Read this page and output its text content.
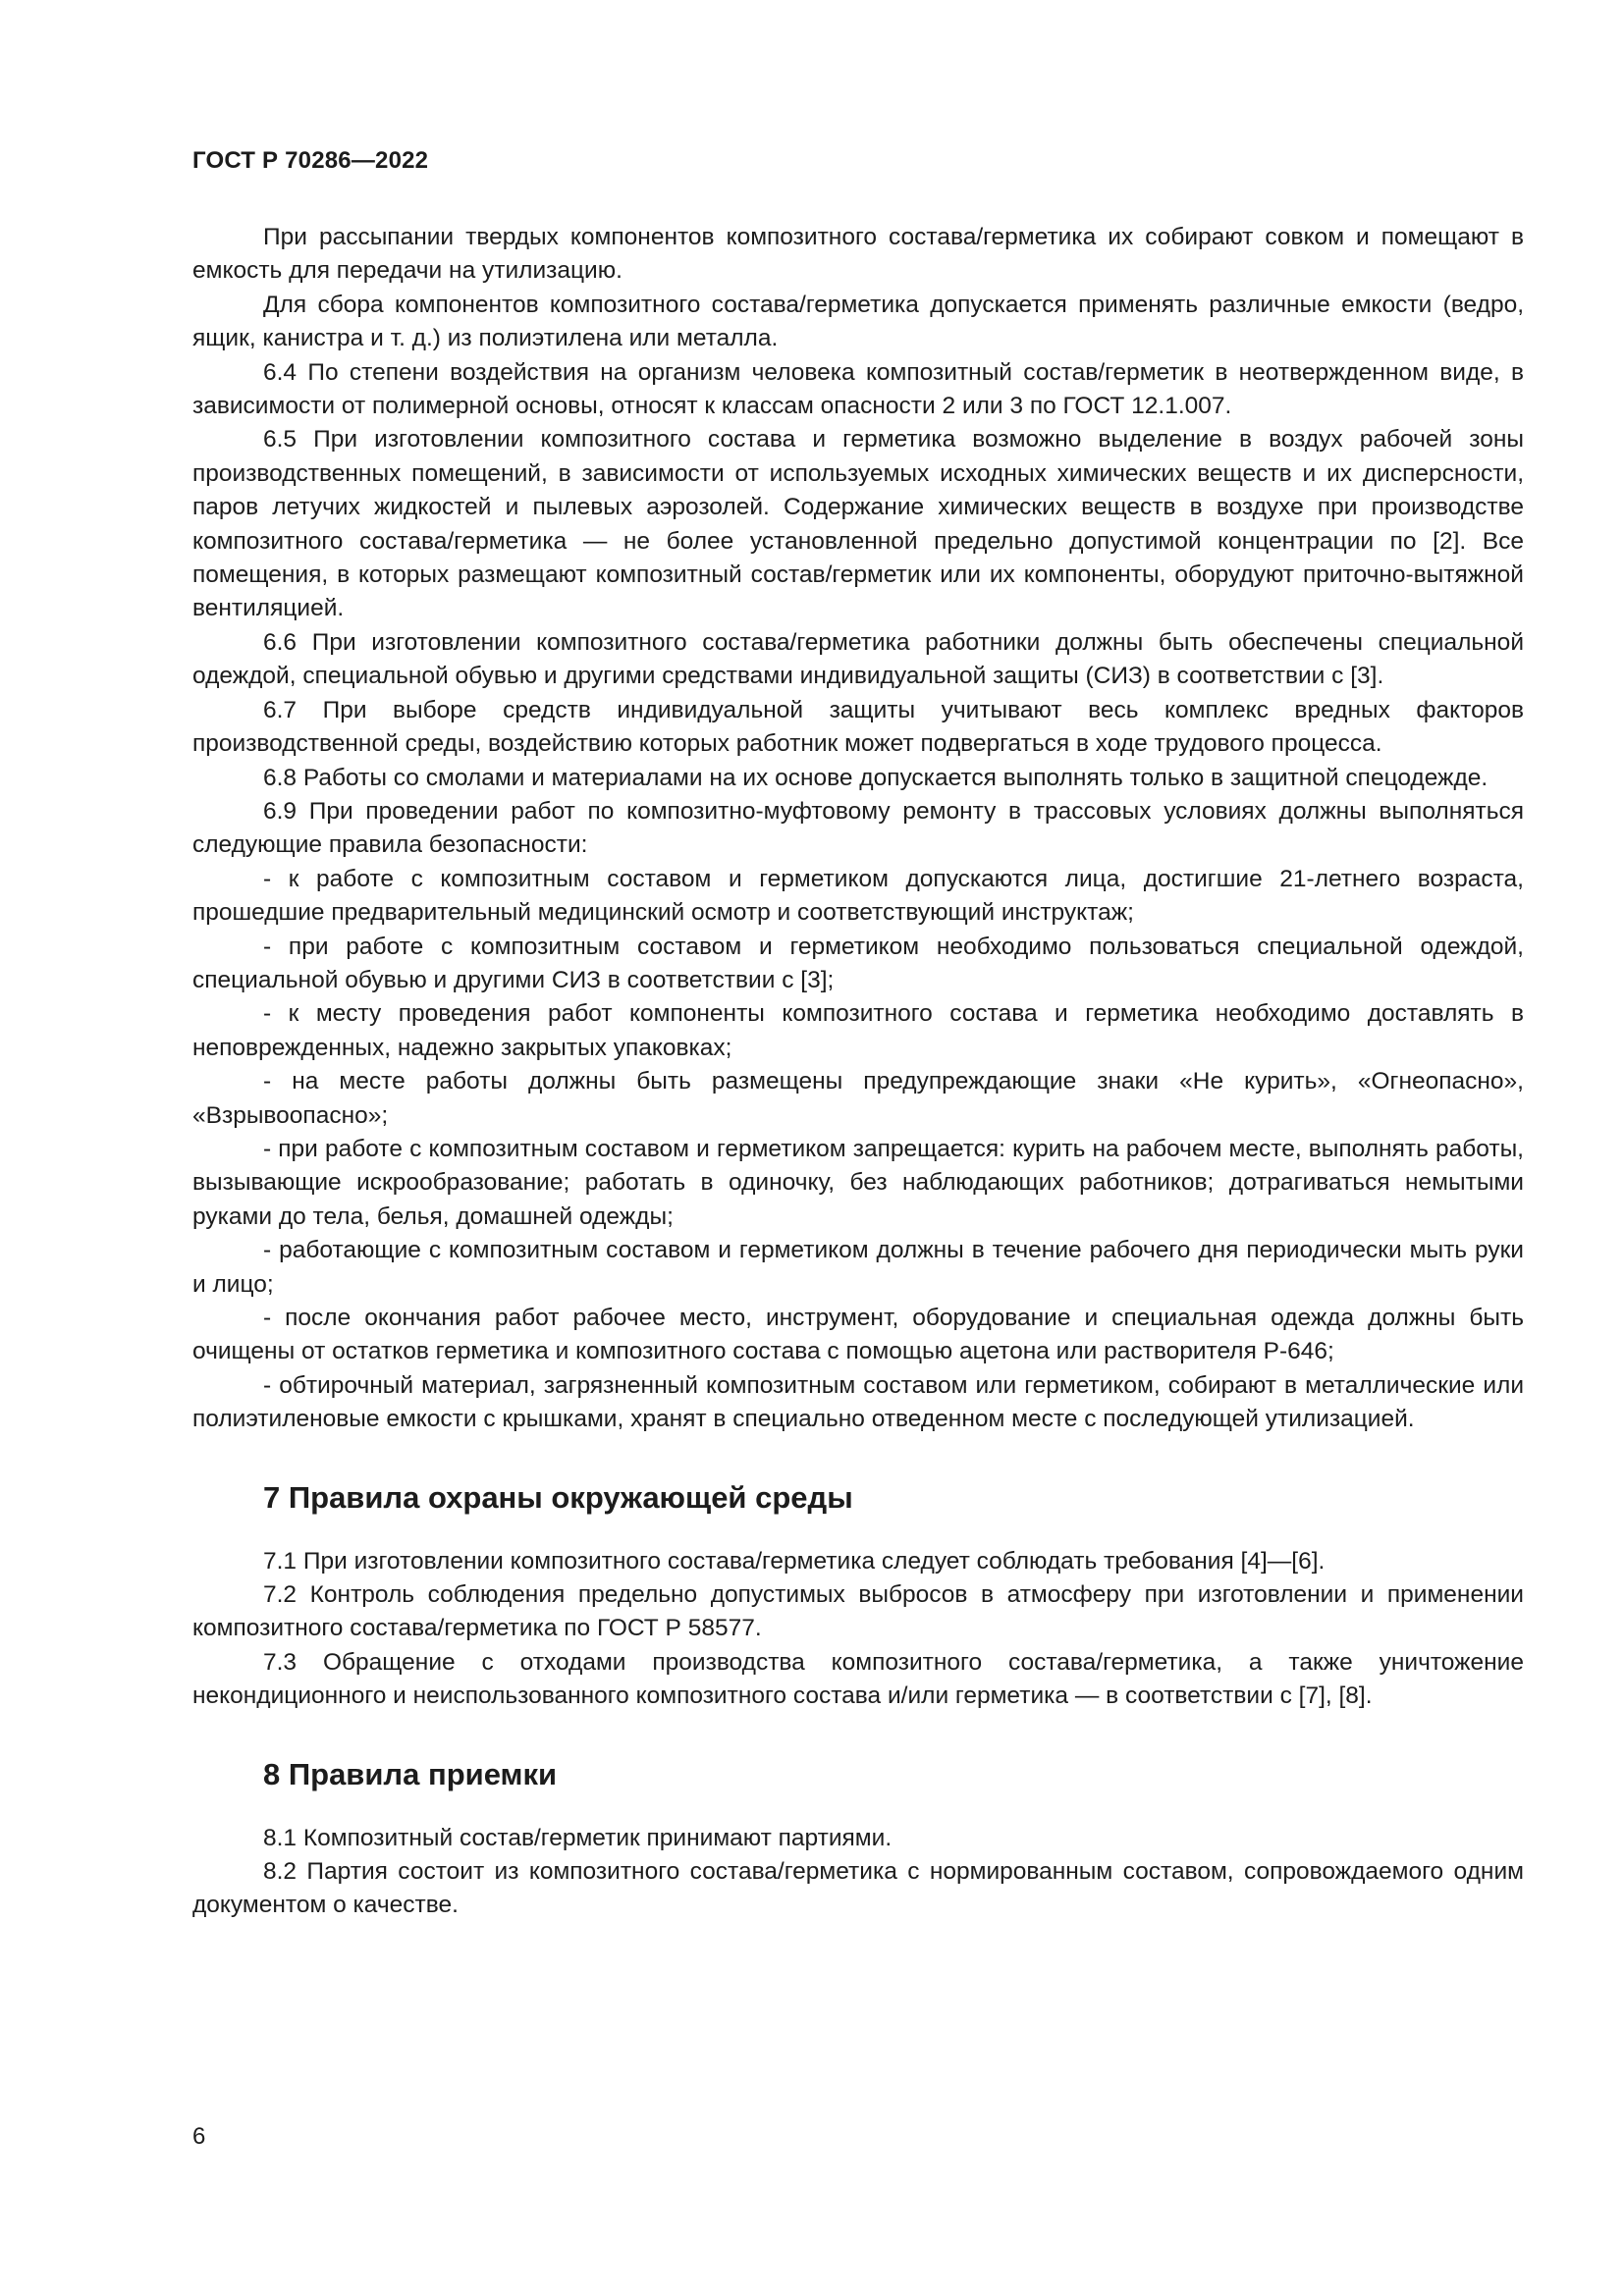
ГОСТ Р 70286—2022

При рассыпании твердых компонентов композитного состава/герметика их собирают совком и помещают в емкость для передачи на утилизацию.

Для сбора компонентов композитного состава/герметика допускается применять различные емкости (ведро, ящик, канистра и т. д.) из полиэтилена или металла.

6.4 По степени воздействия на организм человека композитный состав/герметик в неотвержденном виде, в зависимости от полимерной основы, относят к классам опасности 2 или 3 по ГОСТ 12.1.007.

6.5 При изготовлении композитного состава и герметика возможно выделение в воздух рабочей зоны производственных помещений, в зависимости от используемых исходных химических веществ и их дисперсности, паров летучих жидкостей и пылевых аэрозолей. Содержание химических веществ в воздухе при производстве композитного состава/герметика — не более установленной предельно допустимой концентрации по [2]. Все помещения, в которых размещают композитный состав/герметик или их компоненты, оборудуют приточно-вытяжной вентиляцией.

6.6 При изготовлении композитного состава/герметика работники должны быть обеспечены специальной одеждой, специальной обувью и другими средствами индивидуальной защиты (СИЗ) в соответствии с [3].

6.7 При выборе средств индивидуальной защиты учитывают весь комплекс вредных факторов производственной среды, воздействию которых работник может подвергаться в ходе трудового процесса.

6.8 Работы со смолами и материалами на их основе допускается выполнять только в защитной спецодежде.

6.9 При проведении работ по композитно-муфтовому ремонту в трассовых условиях должны выполняться следующие правила безопасности:

- к работе с композитным составом и герметиком допускаются лица, достигшие 21-летнего возраста, прошедшие предварительный медицинский осмотр и соответствующий инструктаж;

- при работе с композитным составом и герметиком необходимо пользоваться специальной одеждой, специальной обувью и другими СИЗ в соответствии с [3];

- к месту проведения работ компоненты композитного состава и герметика необходимо доставлять в неповрежденных, надежно закрытых упаковках;

- на месте работы должны быть размещены предупреждающие знаки «Не курить», «Огнеопасно», «Взрывоопасно»;

- при работе с композитным составом и герметиком запрещается: курить на рабочем месте, выполнять работы, вызывающие искрообразование; работать в одиночку, без наблюдающих работников; дотрагиваться немытыми руками до тела, белья, домашней одежды;

- работающие с композитным составом и герметиком должны в течение рабочего дня периодически мыть руки и лицо;

- после окончания работ рабочее место, инструмент, оборудование и специальная одежда должны быть очищены от остатков герметика и композитного состава с помощью ацетона или растворителя Р-646;

- обтирочный материал, загрязненный композитным составом или герметиком, собирают в металлические или полиэтиленовые емкости с крышками, хранят в специально отведенном месте с последующей утилизацией.

7 Правила охраны окружающей среды

7.1 При изготовлении композитного состава/герметика следует соблюдать требования [4]—[6].

7.2 Контроль соблюдения предельно допустимых выбросов в атмосферу при изготовлении и применении композитного состава/герметика по ГОСТ Р 58577.

7.3 Обращение с отходами производства композитного состава/герметика, а также уничтожение некондиционного и неиспользованного композитного состава и/или герметика — в соответствии с [7], [8].

8 Правила приемки

8.1 Композитный состав/герметик принимают партиями.

8.2 Партия состоит из композитного состава/герметика с нормированным составом, сопровождаемого одним документом о качестве.

6
